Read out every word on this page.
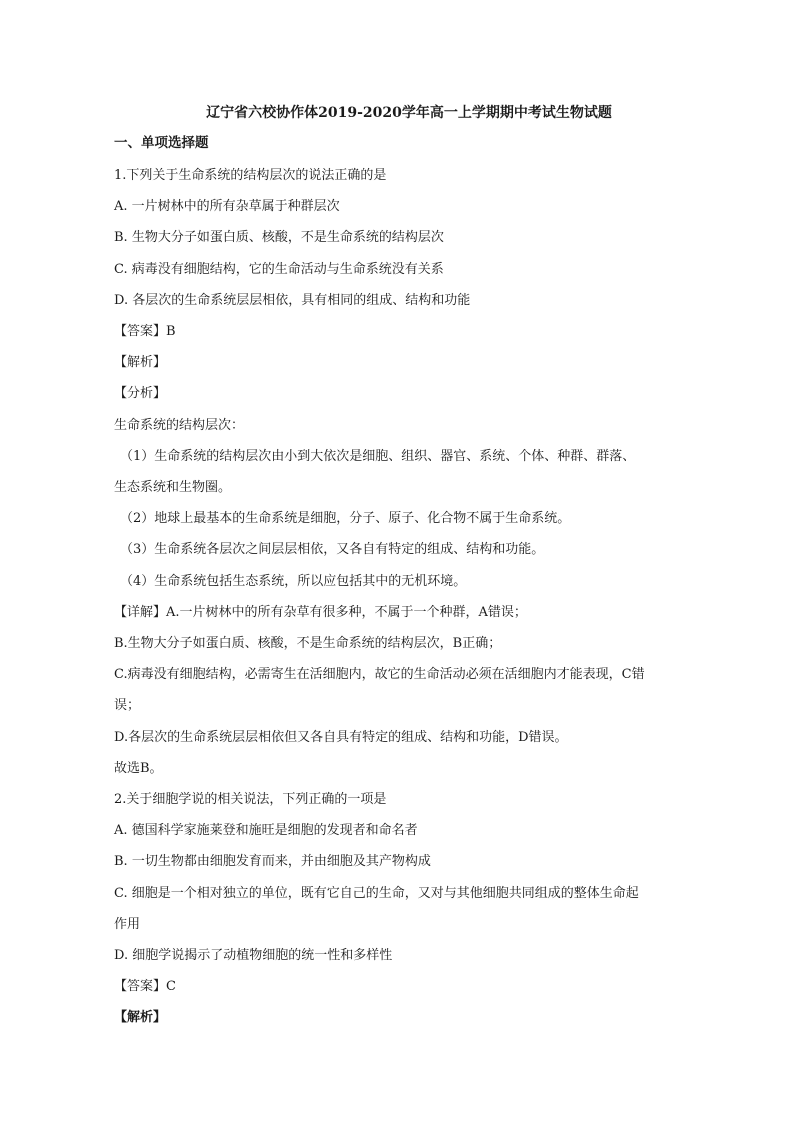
辽宁省六校协作体2019-2020学年高一上学期期中考试生物试题
一、单项选择题

1.下列关于生命系统的结构层次的说法正确的是

A. 一片树林中的所有杂草属于种群层次

B. 生物大分子如蛋白质、核酸，不是生命系统的结构层次

C. 病毒没有细胞结构，它的生命活动与生命系统没有关系

D. 各层次的生命系统层层相依，具有相同的组成、结构和功能

【答案】B

【解析】

【分析】

生命系统的结构层次：

（1）生命系统的结构层次由小到大依次是细胞、组织、器官、系统、个体、种群、群落、

生态系统和生物圈。

（2）地球上最基本的生命系统是细胞，分子、原子、化合物不属于生命系统。

（3）生命系统各层次之间层层相依，又各自有特定的组成、结构和功能。

（4）生命系统包括生态系统，所以应包括其中的无机环境。

【详解】A.一片树林中的所有杂草有很多种，不属于一个种群，A错误；

B.生物大分子如蛋白质、核酸，不是生命系统的结构层次，B正确；

C.病毒没有细胞结构，必需寄生在活细胞内，故它的生命活动必须在活细胞内才能表现，C错

误；

D.各层次的生命系统层层相依但又各自具有特定的组成、结构和功能，D错误。

故选B。

2.关于细胞学说的相关说法，下列正确的一项是

A. 德国科学家施莱登和施旺是细胞的发现者和命名者

B. 一切生物都由细胞发育而来，并由细胞及其产物构成

C. 细胞是一个相对独立的单位，既有它自己的生命，又对与其他细胞共同组成的整体生命起

作用

D. 细胞学说揭示了动植物细胞的统一性和多样性

【答案】C

【解析】
